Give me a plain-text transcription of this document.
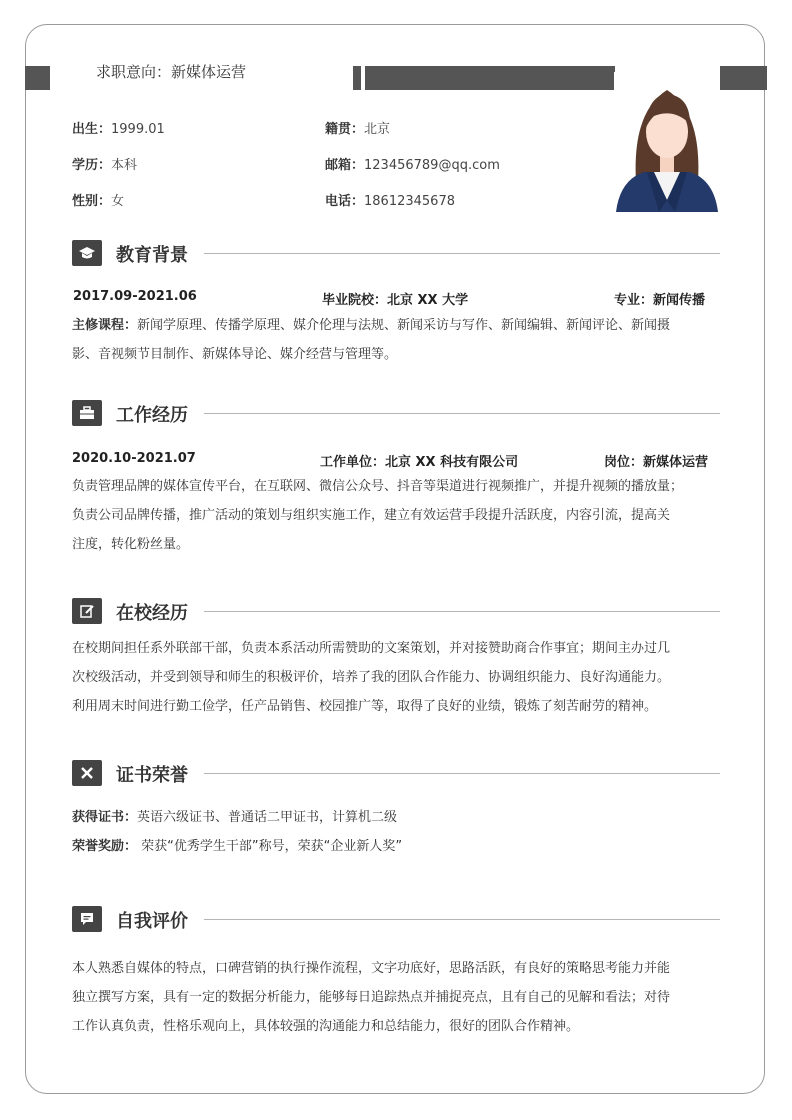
求职意向：新媒体运营
出生：1999.01	籍贯：北京
学历：本科	邮箱：123456789@qq.com
性别：女	电话：18612345678
教育背景
2017.09-2021.06	毕业院校：北京 XX 大学	专业：新闻传播
主修课程：新闻学原理、传播学原理、媒介伦理与法规、新闻采访与写作、新闻编辑、新闻评论、新闻摄
影、音视频节目制作、新媒体导论、媒介经营与管理等。
工作经历
2020.10-2021.07	工作单位：北京 XX 科技有限公司	岗位：新媒体运营
负责管理品牌的媒体宣传平台，在互联网、微信公众号、抖音等渠道进行视频推广，并提升视频的播放量；
负责公司品牌传播，推广活动的策划与组织实施工作，建立有效运营手段提升活跃度，内容引流，提高关
注度，转化粉丝量。
在校经历
在校期间担任系外联部干部，负责本系活动所需赞助的文案策划，并对接赞助商合作事宜；期间主办过几
次校级活动，并受到领导和师生的积极评价，培养了我的团队合作能力、协调组织能力、良好沟通能力。
利用周末时间进行勤工俭学，任产品销售、校园推广等，取得了良好的业绩，锻炼了刻苦耐劳的精神。
证书荣誉
获得证书：英语六级证书、普通话二甲证书，计算机二级
荣誉奖励： 荣获“优秀学生干部”称号，荣获“企业新人奖”
自我评价
本人熟悉自媒体的特点，口碑营销的执行操作流程，文字功底好，思路活跃，有良好的策略思考能力并能
独立撰写方案，具有一定的数据分析能力，能够每日追踪热点并捕捉亮点，且有自己的见解和看法；对待
工作认真负责，性格乐观向上，具体较强的沟通能力和总结能力，很好的团队合作精神。
